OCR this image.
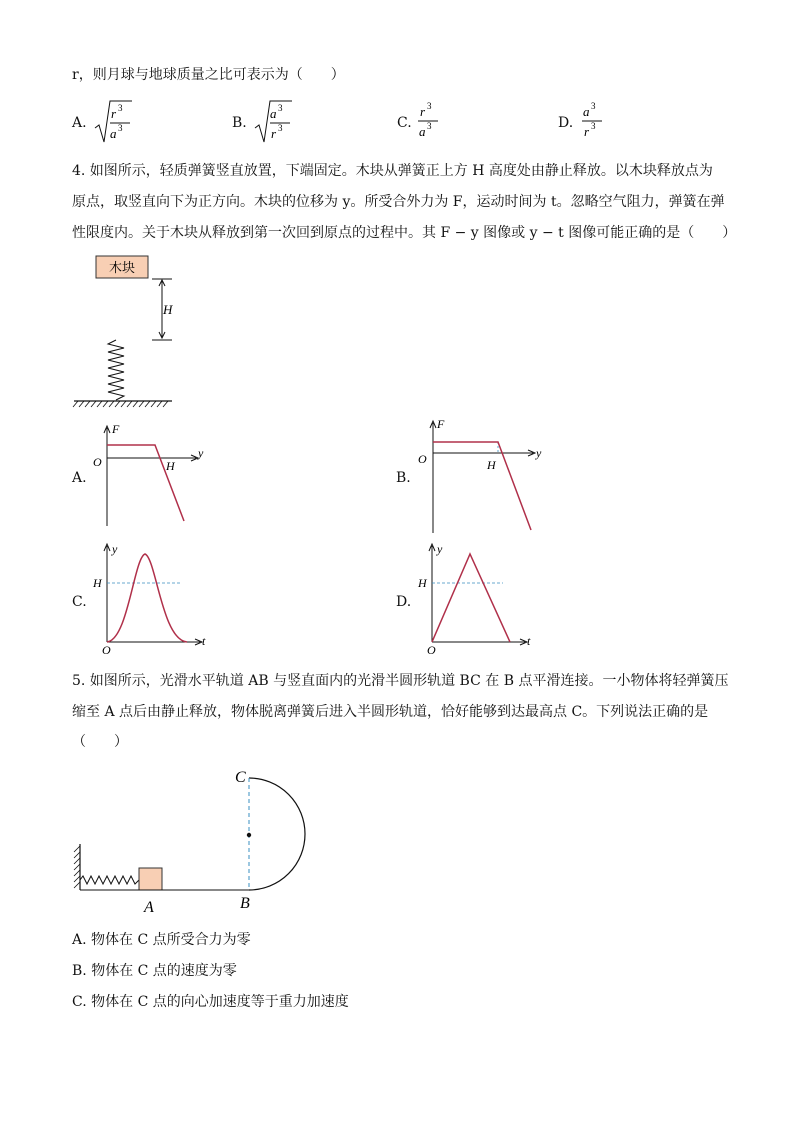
r，则月球与地球质量之比可表示为（　　）
A.
r 3
a 3	B.
a 3
r 3	C.
r 3
a 3	D.
a 3
r 3
4. 如图所示，轻质弹簧竖直放置，下端固定。木块从弹簧正上方 H 高度处由静止释放。以木块释放点为
原点，取竖直向下为正方向。木块的位移为 y。所受合外力为 F，运动时间为 t。忽略空气阻力，弹簧在弹
性限度内。关于木块从释放到第一次回到原点的过程中。其 F − y 图像或 y − t 图像可能正确的是（　　）
木块
H
A.
F
y
O	H
B.
F
y
O	H
C.
y
t
O
H
D.
y
t
O
H
5. 如图所示，光滑水平轨道 AB 与竖直面内的光滑半圆形轨道 BC 在 B 点平滑连接。一小物体将轻弹簧压
缩至 A 点后由静止释放，物体脱离弹簧后进入半圆形轨道，恰好能够到达最高点 C。下列说法正确的是
（　　）
C
A	B
A. 物体在 C 点所受合力为零
B. 物体在 C 点的速度为零
C. 物体在 C 点的向心加速度等于重力加速度
